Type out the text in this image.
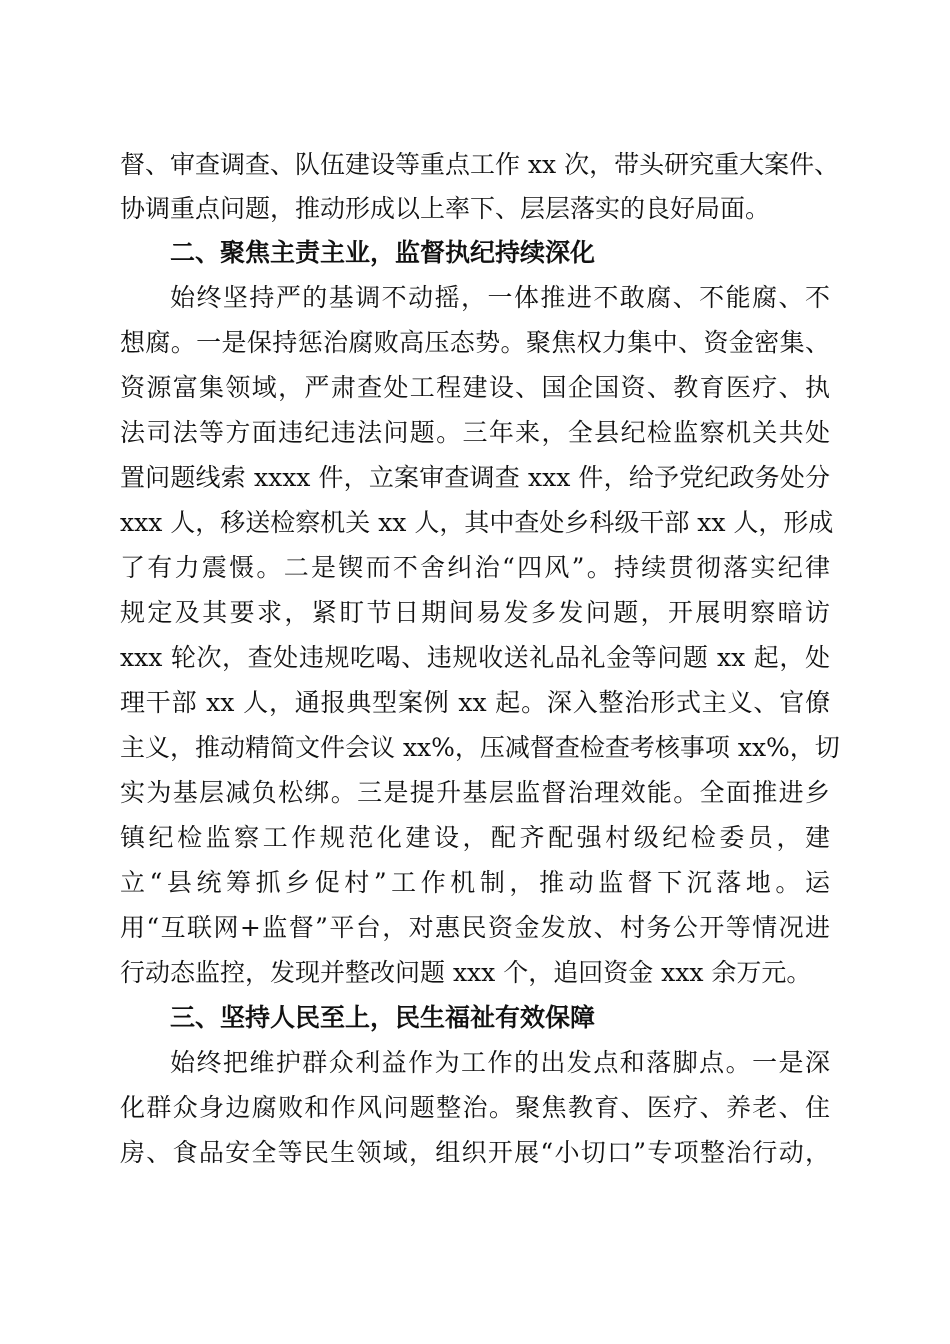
督、审查调查、队伍建设等重点工作 xx 次，带头研究重大案件、
协调重点问题，推动形成以上率下、层层落实的良好局面。
二、聚焦主责主业，监督执纪持续深化
始终坚持严的基调不动摇，一体推进不敢腐、不能腐、不
想腐。一是保持惩治腐败高压态势。聚焦权力集中、资金密集、
资源富集领域，严肃查处工程建设、国企国资、教育医疗、执
法司法等方面违纪违法问题。三年来，全县纪检监察机关共处
置问题线索 xxxx 件，立案审查调查 xxx 件，给予党纪政务处分
xxx 人，移送检察机关 xx 人，其中查处乡科级干部 xx 人，形成
了有力震慑。二是锲而不舍纠治“四风”。持续贯彻落实纪律
规定及其要求，紧盯节日期间易发多发问题，开展明察暗访
xxx 轮次，查处违规吃喝、违规收送礼品礼金等问题 xx 起，处
理干部 xx 人，通报典型案例 xx 起。深入整治形式主义、官僚
主义，推动精简文件会议 xx%，压减督查检查考核事项 xx%，切
实为基层减负松绑。三是提升基层监督治理效能。全面推进乡
镇纪检监察工作规范化建设，配齐配强村级纪检委员，建
立“县统筹抓乡促村”工作机制，推动监督下沉落地。运
用“互联网+监督”平台，对惠民资金发放、村务公开等情况进
行动态监控，发现并整改问题 xxx 个，追回资金 xxx 余万元。
三、坚持人民至上，民生福祉有效保障
始终把维护群众利益作为工作的出发点和落脚点。一是深
化群众身边腐败和作风问题整治。聚焦教育、医疗、养老、住
房、食品安全等民生领域，组织开展“小切口”专项整治行动，
